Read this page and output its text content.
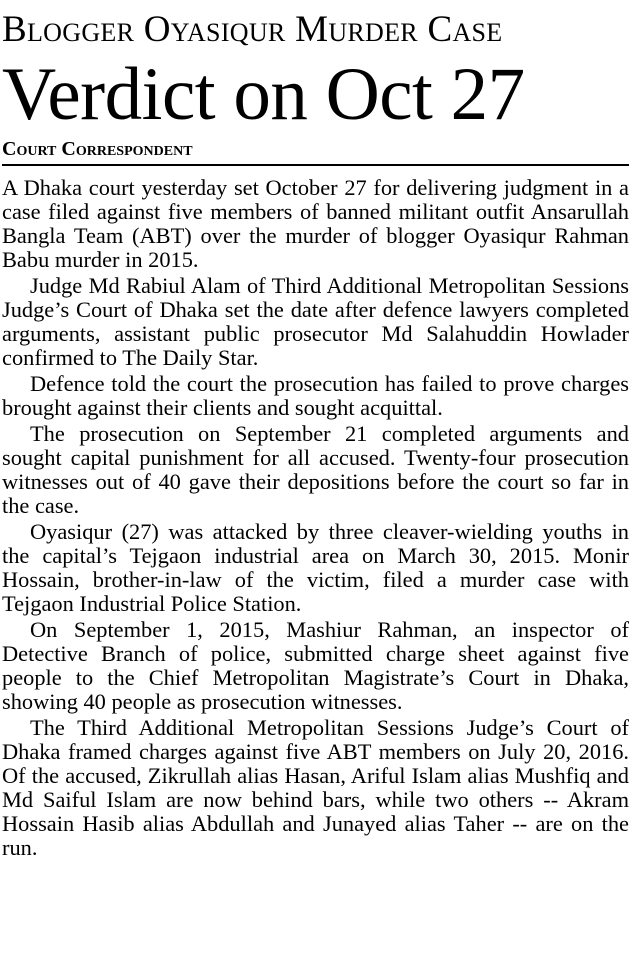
Blogger Oyasiqur Murder Case
Verdict on Oct 27
Court Correspondent

A Dhaka court yesterday set October 27 for delivering judgment in a case filed against five members of banned militant outfit Ansarullah Bangla Team (ABT) over the murder of blogger Oyasiqur Rahman Babu murder in 2015.

Judge Md Rabiul Alam of Third Additional Metropolitan Sessions Judge’s Court of Dhaka set the date after defence lawyers completed arguments, assistant public prosecutor Md Salahuddin Howlader confirmed to The Daily Star.

Defence told the court the prosecution has failed to prove charges brought against their clients and sought acquittal.

The prosecution on September 21 completed arguments and sought capital punishment for all accused. Twenty-four prosecution witnesses out of 40 gave their depositions before the court so far in the case.

Oyasiqur (27) was attacked by three cleaver-wielding youths in the capital’s Tejgaon industrial area on March 30, 2015. Monir Hossain, brother-in-law of the victim, filed a murder case with Tejgaon Industrial Police Station.

On September 1, 2015, Mashiur Rahman, an inspector of Detective Branch of police, submitted charge sheet against five people to the Chief Metropolitan Magistrate’s Court in Dhaka, showing 40 people as prosecution witnesses.

The Third Additional Metropolitan Sessions Judge’s Court of Dhaka framed charges against five ABT members on July 20, 2016. Of the accused, Zikrullah alias Hasan, Ariful Islam alias Mushfiq and Md Saiful Islam are now behind bars, while two others -- Akram Hossain Hasib alias Abdullah and Junayed alias Taher -- are on the run.
